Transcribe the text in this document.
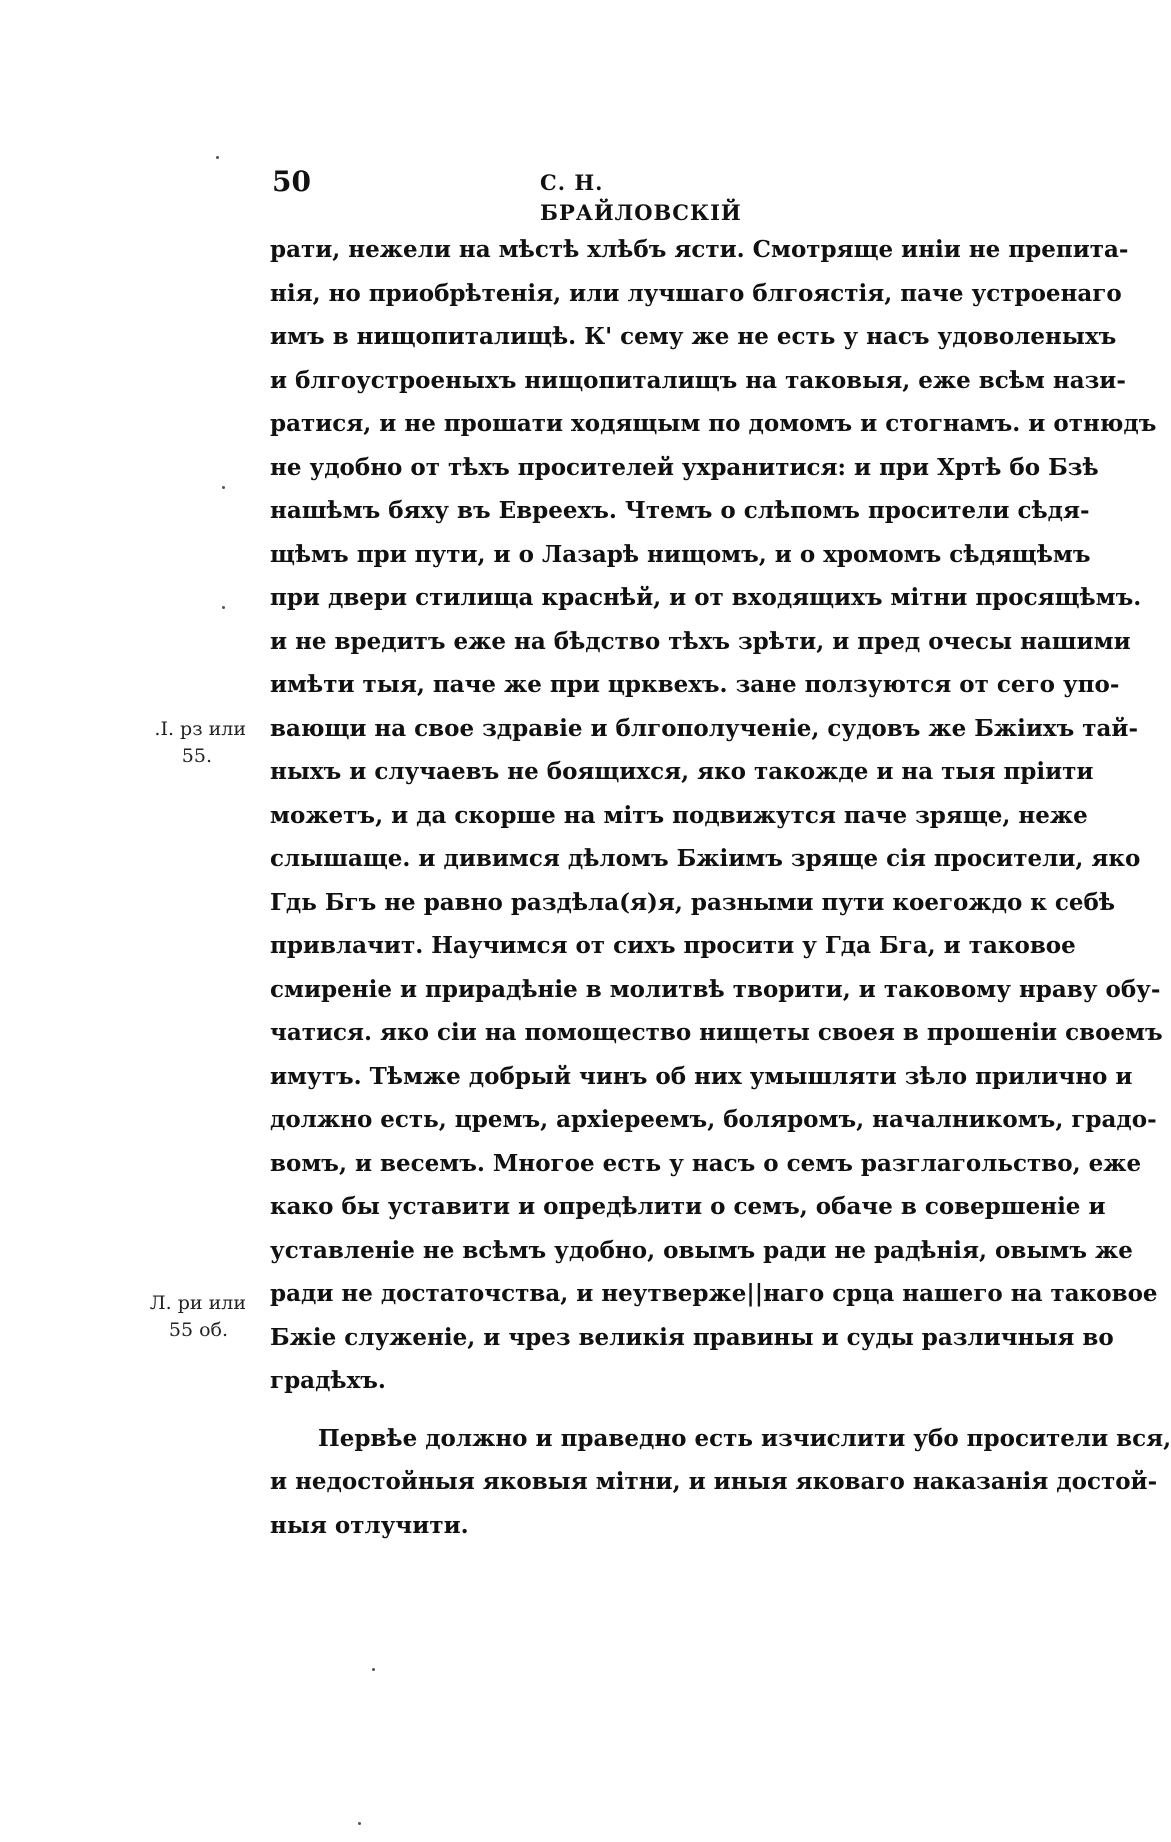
50	С. Н. БРАЙЛОВСКІЙ
.I. рз или
55.
Л. ри или
55 об.
рати, нежели на мѣстѣ хлѣбъ ясти. Смотряще иніи не препита-
нія, но приобрѣтенія, или лучшаго блгоястія, паче устроенаго
имъ в нищопиталищѣ. К' сему же не есть у насъ удоволеныхъ
и блгоустроеныхъ нищопиталищъ на таковыя, еже всѣм нази-
ратися, и не прошати ходящым по домомъ и стогнамъ. и отнюдъ
не удобно от тѣхъ просителей ухранитися: и при Хртѣ бо Бзѣ
нашѣмъ бяху въ Евреехъ. Чтемъ о слѣпомъ просители сѣдя-
щѣмъ при пути, и о Лазарѣ нищомъ, и о хромомъ сѣдящѣмъ
при двери стилища краснѣй, и от входящихъ мітни просящѣмъ.
и не вредитъ еже на бѣдство тѣхъ зрѣти, и пред очесы нашими
имѣти тыя, паче же при црквехъ. зане ползуются от сего упо-
вающи на свое здравіе и блгополученіе, судовъ же Бжіихъ тай-
ныхъ и случаевъ не боящихся, яко такожде и на тыя пріити
можетъ, и да скорше на мітъ подвижутся паче зряще, неже
слышаще. и дивимся дѣломъ Бжіимъ зряще сія просители, яко
Гдь Бгъ не равно раздѣла(я)я, разными пути коегождо к себѣ
привлачит. Научимся от сихъ просити у Гда Бга, и таковое
смиреніе и прирадѣніе в молитвѣ творити, и таковому нраву обу-
чатися. яко сіи на помощество нищеты своея в прошеніи своемъ
имутъ. Тѣмже добрый чинъ об них умышляти зѣло прилично и
должно есть, цремъ, архіереемъ, боляромъ, началникомъ, градо-
вомъ, и весемъ. Многое есть у насъ о семъ разглагольство, еже
како бы уставити и опредѣлити о семъ, обаче в совершеніе и
уставленіе не всѣмъ удобно, овымъ ради не радѣнія, овымъ же
ради не достаточства, и неутверже||наго срца нашего на таковое
Бжіе служеніе, и чрез великія правины и суды различныя во
градѣхъ.
Первѣе должно и праведно есть изчислити убо просители вся,
и недостойныя яковыя мітни, и иныя яковаго наказанія достой-
ныя отлучити.
